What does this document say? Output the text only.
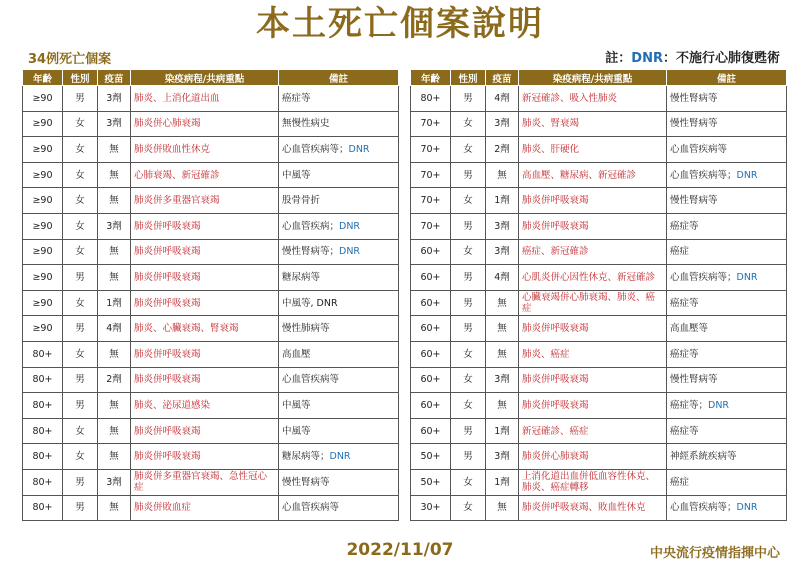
本土死亡個案說明
34例死亡個案	註：DNR：不施行心肺復甦術
年齡	性別	疫苗	染疫病程/共病重點	備註
≥90	男	3劑	肺炎、上消化道出血	癌症等
≥90	女	3劑	肺炎併心肺衰竭	無慢性病史
≥90	女	無	肺炎併敗血性休克	心血管疾病等；DNR
≥90	女	無	心肺衰竭、新冠確診	中風等
≥90	女	無	肺炎併多重器官衰竭	股骨骨折
≥90	女	3劑	肺炎併呼吸衰竭	心血管疾病；DNR
≥90	女	無	肺炎併呼吸衰竭	慢性腎病等；DNR
≥90	男	無	肺炎併呼吸衰竭	糖尿病等
≥90	女	1劑	肺炎併呼吸衰竭	中風等, DNR
≥90	男	4劑	肺炎、心臟衰竭、腎衰竭	慢性肺病等
80+	女	無	肺炎併呼吸衰竭	高血壓
80+	男	2劑	肺炎併呼吸衰竭	心血管疾病等
80+	男	無	肺炎、泌尿道感染	中風等
80+	女	無	肺炎併呼吸衰竭	中風等
80+	女	無	肺炎併呼吸衰竭	糖尿病等；DNR
80+	男	3劑	肺炎併多重器官衰竭、急性冠心症	慢性腎病等
80+	男	無	肺炎併敗血症	心血管疾病等
年齡	性別	疫苗	染疫病程/共病重點	備註
80+	男	4劑	新冠確診、吸入性肺炎	慢性腎病等
70+	女	3劑	肺炎、腎衰竭	慢性腎病等
70+	女	2劑	肺炎、肝硬化	心血管疾病等
70+	男	無	高血壓、糖尿病、新冠確診	心血管疾病等；DNR
70+	女	1劑	肺炎併呼吸衰竭	慢性腎病等
70+	男	3劑	肺炎併呼吸衰竭	癌症等
60+	女	3劑	癌症、新冠確診	癌症
60+	男	4劑	心肌炎併心因性休克、新冠確診	心血管疾病等；DNR
60+	男	無	心臟衰竭併心肺衰竭、肺炎、癌症	癌症等
60+	男	無	肺炎併呼吸衰竭	高血壓等
60+	女	無	肺炎、癌症	癌症等
60+	女	3劑	肺炎併呼吸衰竭	慢性腎病等
60+	女	無	肺炎併呼吸衰竭	癌症等；DNR
60+	男	1劑	新冠確診、癌症	癌症等
50+	男	3劑	肺炎併心肺衰竭	神經系統疾病等
50+	女	1劑	上消化道出血併低血容性休克、肺炎、癌症轉移	癌症
30+	女	無	肺炎併呼吸衰竭、敗血性休克	心血管疾病等；DNR
2022/11/07	中央流行疫情指揮中心
